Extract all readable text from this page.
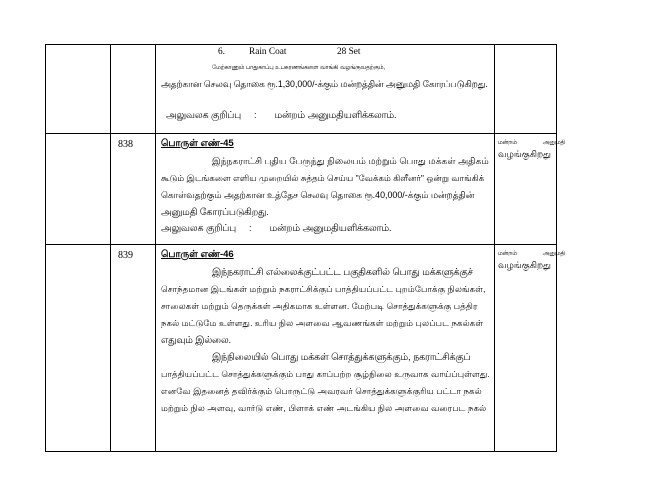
6.	Rain Coat	28 Set
மேற்காணும் பாதுகாப்பு உபகரணங்களை வாங்கி வழங்குவதற்கும்,
அதற்கான செலவு தொகை ரூ.1,30,000/-க்கும் மன்றத்தின் அனுமதி கோரப்படுகிறது.
அலுவலக குறிப்பு     :       மன்றம் அனுமதியளிக்கலாம்.
838	பொருள் எண்-45
இந்நகராட்சி புதிய பேருந்து நிலையம் மற்றும் பொது மக்கள் அதிகம்
கூடும் இடங்களை எளிய முறையில் சுத்தம் செய்ய "வேக்கம் கிளீனர்" ஒன்று வாங்கிக்
கொள்வதற்கும் அதற்கான உத்தேச செலவு தொகை ரூ.40,000/-க்கும் மன்றத்தின்
அனுமதி கோரப்படுகிறது.
அலுவலக குறிப்பு     :       மன்றம் அனுமதியளிக்கலாம்.
மன்றம்                அனுமதி
வழங்குகிறது
839	பொருள் எண்-46
இந்நகராட்சி எல்லைக்குட்பட்ட பகுதிகளில் பொது மக்களுக்குச்
சொந்தமான இடங்கள் மற்றும் நகராட்சிக்குப் பாத்தியப்பட்ட புறம்போக்கு நிலங்கள்,
சாலைகள் மற்றும் தெருக்கள் அதிகமாக உள்ளன. மேற்படி சொத்துக்களுக்கு பத்திர
நகல் மட்டுமே உள்ளது. உரிய நில அளவை ஆவணங்கள் மற்றும் புலப்பட நகல்கள்
எதுவும் இல்லை.
இந்நிலையில் பொது மக்கள் சொத்துக்களுக்கும், நகராட்சிக்குப்
பாத்தியப்பட்ட சொத்துக்களுக்கும் பாது காப்பற்ற சூழ்நிலை உருவாக வாய்ப்புள்ளது.
எனவே இதனைத் தவிர்க்கும் பொருட்டு அவரவர் சொத்துக்களுக்குரிய பட்டா நகல்
மற்றும் நில அளவு, வார்டு எண், பிளாக் எண் அடங்கிய நில அளவை வரைபட நகல்
மன்றம்                அனுமதி
வழங்குகிறது
